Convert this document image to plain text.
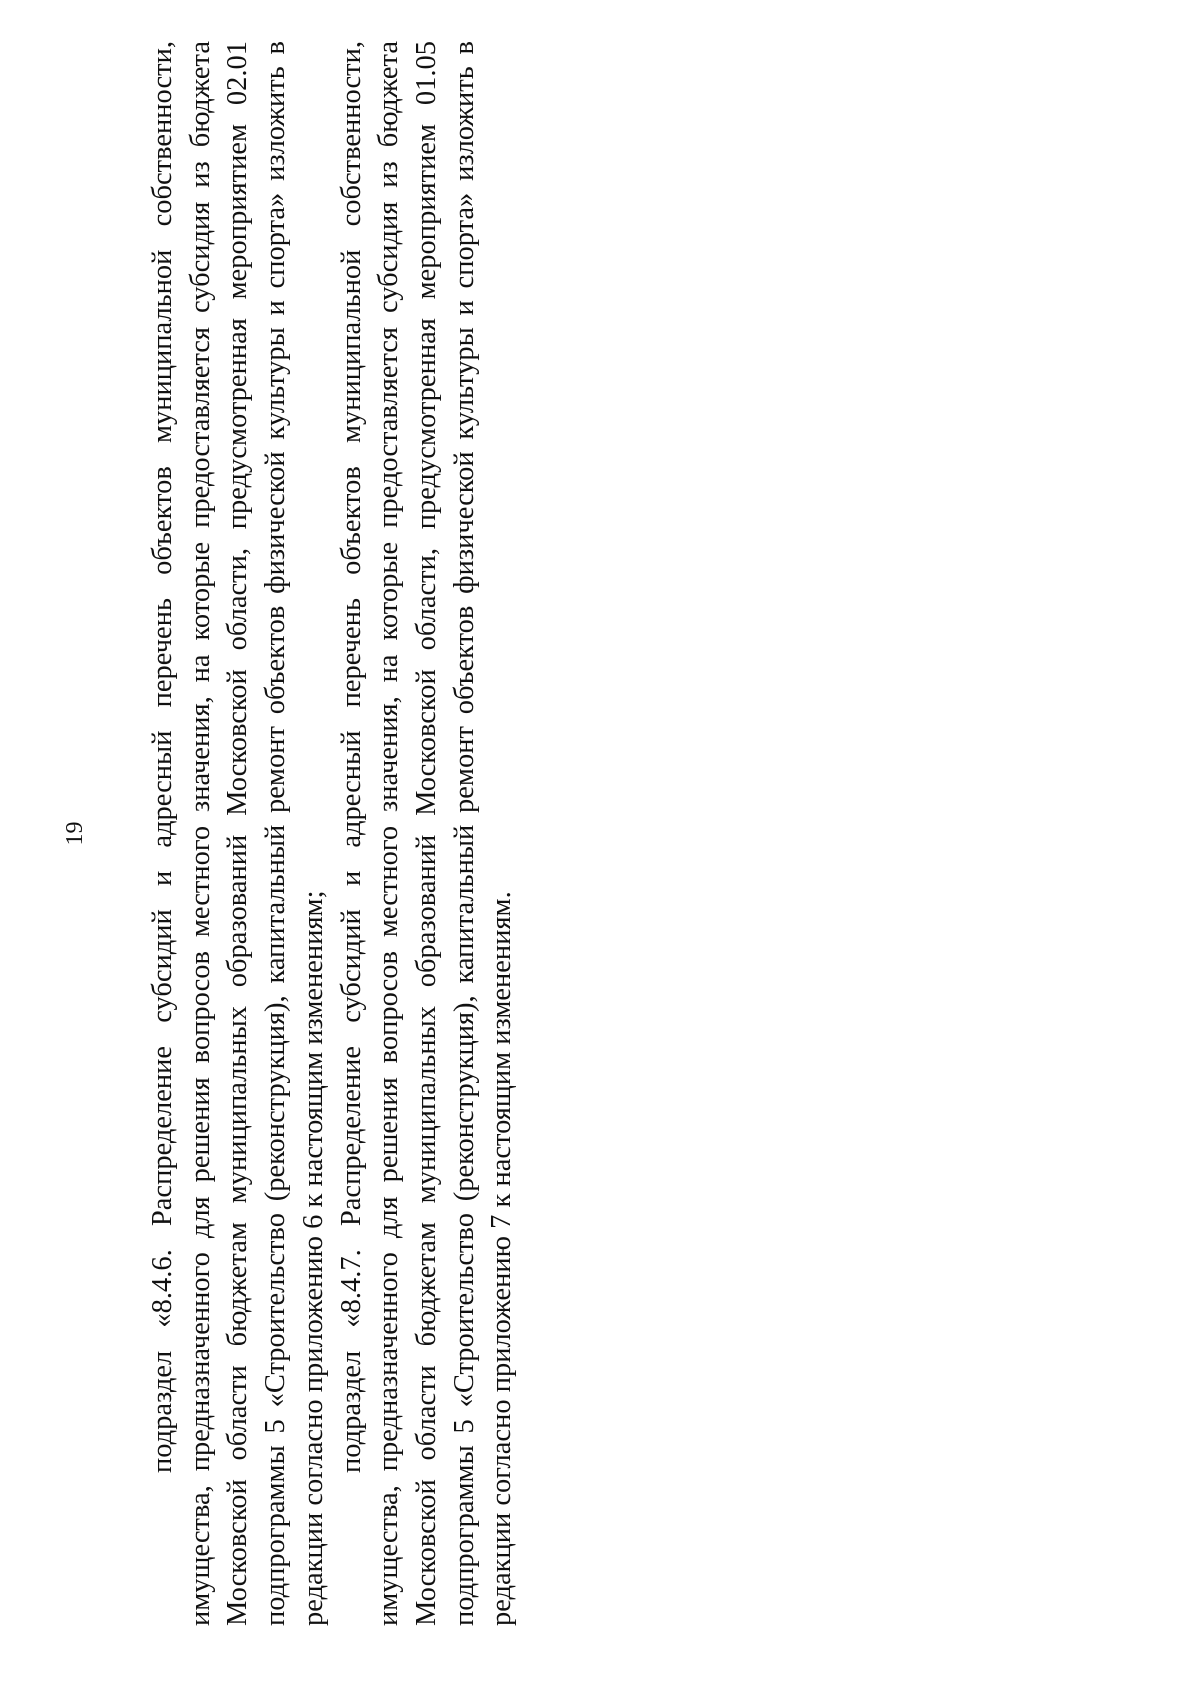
19 подраздел «8.4.6. Распределение субсидий и адресный перечень объектов муниципальной собственности, имущества, предназначенного для решения вопросов местного значения, на которые предоставляется субсидия из бюджета Московской области бюджетам муниципальных образований Московской области, предусмотренная мероприятием 02.01 подпрограммы 5 «Строительство (реконструкция), капитальный ремонт объектов физической культуры и спорта» изложить в редакции согласно приложению 6 к настоящим изменениям; подраздел «8.4.7. Распределение субсидий и адресный перечень объектов муниципальной собственности, имущества, предназначенного для решения вопросов местного значения, на которые предоставляется субсидия из бюджета Московской области бюджетам муниципальных образований Московской области, предусмотренная мероприятием 01.05 подпрограммы 5 «Строительство (реконструкция), капитальный ремонт объектов физической культуры и спорта» изложить в редакции согласно приложению 7 к настоящим изменениям.
